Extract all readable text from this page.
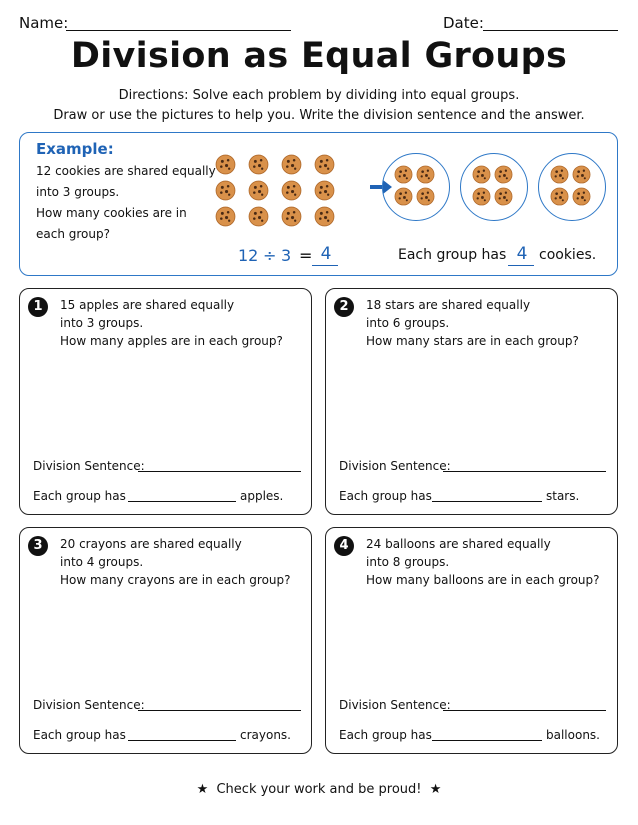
Name:	Date:
Division as Equal Groups
Directions: Solve each problem by dividing into equal groups.
Draw or use the pictures to help you. Write the division sentence and the answer.
Example:
12 cookies are shared equally
into 3 groups.
How many cookies are in
each group?
12 ÷ 3 = 4	Each group has 4 cookies.
1	15 apples are shared equally
into 3 groups.
How many apples are in each group?
Division Sentence:
Each group has	apples.
2	18 stars are shared equally
into 6 groups.
How many stars are in each group?
Division Sentence:
Each group has	stars.
3	20 crayons are shared equally
into 4 groups.
How many crayons are in each group?
Division Sentence:
Each group has	crayons.
4	24 balloons are shared equally
into 8 groups.
How many balloons are in each group?
Division Sentence:
Each group has	balloons.
★ Check your work and be proud! ★
